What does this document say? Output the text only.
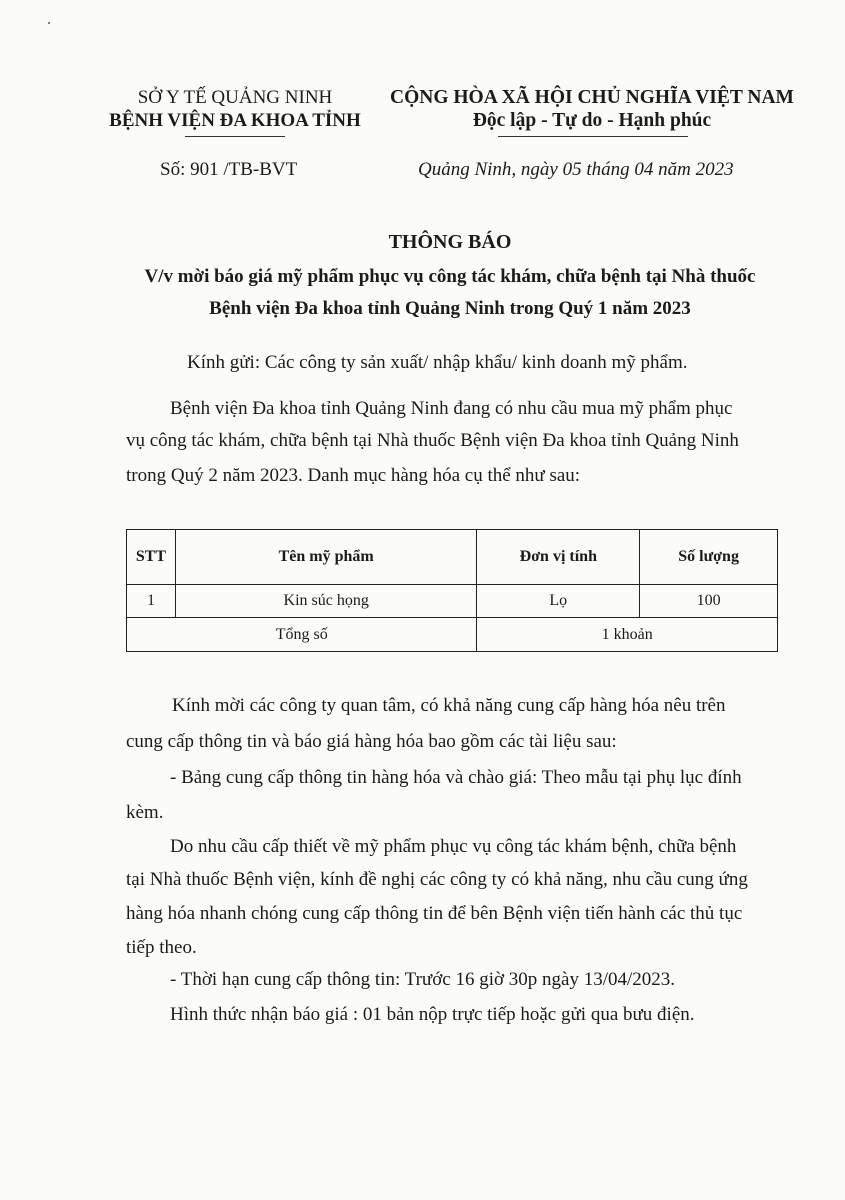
SỞ Y TẾ QUẢNG NINH
BỆNH VIỆN ĐA KHOA TỈNH
CỘNG HÒA XÃ HỘI CHỦ NGHĨA VIỆT NAM
Độc lập - Tự do - Hạnh phúc
Số: 901 /TB-BVT	Quảng Ninh, ngày 05 tháng 04 năm 2023
THÔNG BÁO
V/v mời báo giá mỹ phẩm phục vụ công tác khám, chữa bệnh tại Nhà thuốc
Bệnh viện Đa khoa tỉnh Quảng Ninh trong Quý 1 năm 2023
Kính gửi: Các công ty sản xuất/ nhập khẩu/ kinh doanh mỹ phẩm.
Bệnh viện Đa khoa tỉnh Quảng Ninh đang có nhu cầu mua mỹ phẩm phục
vụ công tác khám, chữa bệnh tại Nhà thuốc Bệnh viện Đa khoa tỉnh Quảng Ninh
trong Quý 2 năm 2023. Danh mục hàng hóa cụ thể như sau:
STT	Tên mỹ phẩm	Đơn vị tính	Số lượng
1	Kin súc họng	Lọ	100
Tổng số		1 khoản	
Kính mời các công ty quan tâm, có khả năng cung cấp hàng hóa nêu trên
cung cấp thông tin và báo giá hàng hóa bao gồm các tài liệu sau:
- Bảng cung cấp thông tin hàng hóa và chào giá: Theo mẫu tại phụ lục đính
kèm.
Do nhu cầu cấp thiết về mỹ phẩm phục vụ công tác khám bệnh, chữa bệnh
tại Nhà thuốc Bệnh viện, kính đề nghị các công ty có khả năng, nhu cầu cung ứng
hàng hóa nhanh chóng cung cấp thông tin để bên Bệnh viện tiến hành các thủ tục
tiếp theo.
- Thời hạn cung cấp thông tin: Trước 16 giờ 30p ngày 13/04/2023.
Hình thức nhận báo giá : 01 bản nộp trực tiếp hoặc gửi qua bưu điện.
